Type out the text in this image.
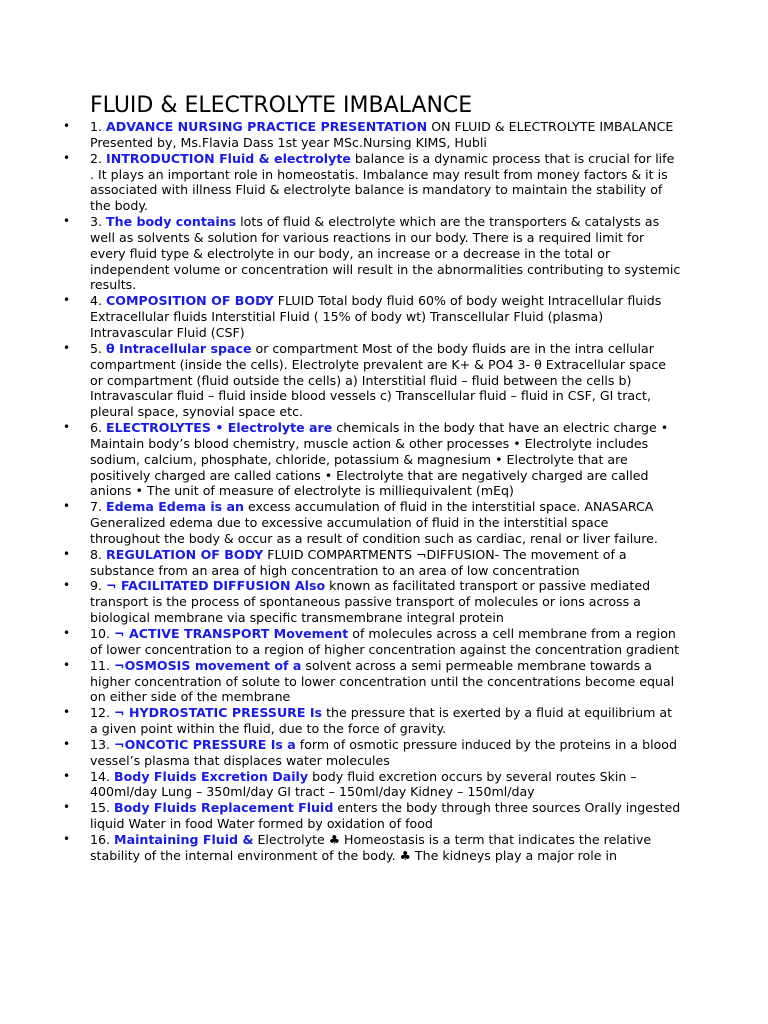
FLUID & ELECTROLYTE IMBALANCE
• 1. ADVANCE NURSING PRACTICE PRESENTATION ON FLUID & ELECTROLYTE IMBALANCE Presented by, Ms.Flavia Dass 1st year MSc.Nursing KIMS, Hubli
• 2. INTRODUCTION Fluid & electrolyte balance is a dynamic process that is crucial for life . It plays an important role in homeostatis. Imbalance may result from money factors & it is associated with illness Fluid & electrolyte balance is mandatory to maintain the stability of the body.
• 3. The body contains lots of fluid & electrolyte which are the transporters & catalysts as well as solvents & solution for various reactions in our body. There is a required limit for every fluid type & electrolyte in our body, an increase or a decrease in the total or independent volume or concentration will result in the abnormalities contributing to systemic results.
• 4. COMPOSITION OF BODY FLUID Total body fluid 60% of body weight Intracellular fluids Extracellular fluids Interstitial Fluid ( 15% of body wt) Transcellular Fluid (plasma) Intravascular Fluid (CSF)
• 5. θ Intracellular space or compartment Most of the body fluids are in the intra cellular compartment (inside the cells). Electrolyte prevalent are K+ & PO4 3- θ Extracellular space or compartment (fluid outside the cells) a) Interstitial fluid – fluid between the cells b) Intravascular fluid – fluid inside blood vessels c) Transcellular fluid – fluid in CSF, GI tract, pleural space, synovial space etc.
• 6. ELECTROLYTES • Electrolyte are chemicals in the body that have an electric charge • Maintain body’s blood chemistry, muscle action & other processes • Electrolyte includes sodium, calcium, phosphate, chloride, potassium & magnesium • Electrolyte that are positively charged are called cations • Electrolyte that are negatively charged are called anions • The unit of measure of electrolyte is milliequivalent (mEq)
• 7. Edema Edema is an excess accumulation of fluid in the interstitial space. ANASARCA Generalized edema due to excessive accumulation of fluid in the interstitial space throughout the body & occur as a result of condition such as cardiac, renal or liver failure.
• 8. REGULATION OF BODY FLUID COMPARTMENTS ¬DIFFUSION- The movement of a substance from an area of high concentration to an area of low concentration
• 9. ¬ FACILITATED DIFFUSION Also known as facilitated transport or passive mediated transport is the process of spontaneous passive transport of molecules or ions across a biological membrane via specific transmembrane integral protein
• 10. ¬ ACTIVE TRANSPORT Movement of molecules across a cell membrane from a region of lower concentration to a region of higher concentration against the concentration gradient
• 11. ¬OSMOSIS movement of a solvent across a semi permeable membrane towards a higher concentration of solute to lower concentration until the concentrations become equal on either side of the membrane
• 12. ¬ HYDROSTATIC PRESSURE Is the pressure that is exerted by a fluid at equilibrium at a given point within the fluid, due to the force of gravity.
• 13. ¬ONCOTIC PRESSURE Is a form of osmotic pressure induced by the proteins in a blood vessel’s plasma that displaces water molecules
• 14. Body Fluids Excretion Daily body fluid excretion occurs by several routes Skin – 400ml/day Lung – 350ml/day GI tract – 150ml/day Kidney – 150ml/day
• 15. Body Fluids Replacement Fluid enters the body through three sources Orally ingested liquid Water in food Water formed by oxidation of food
• 16. Maintaining Fluid & Electrolyte ♣ Homeostasis is a term that indicates the relative stability of the internal environment of the body. ♣ The kidneys play a major role in
